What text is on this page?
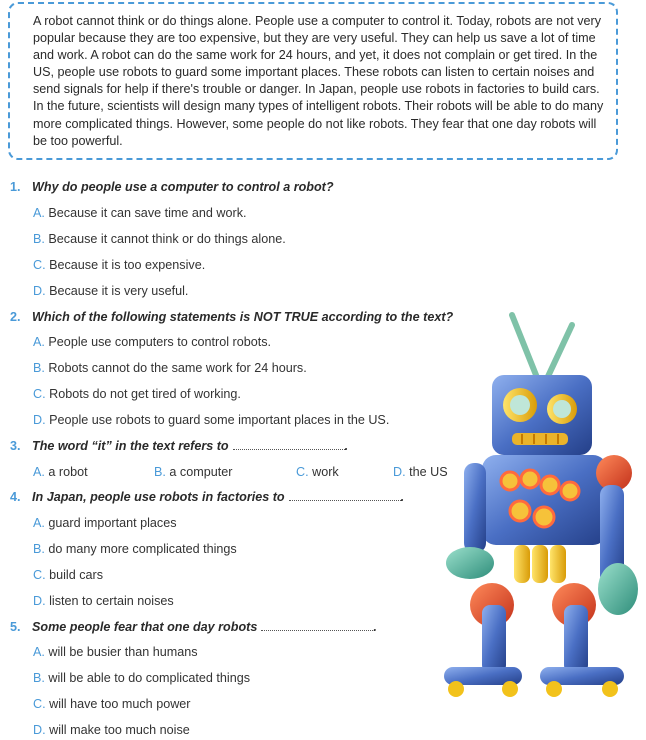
A robot cannot think or do things alone. People use a computer to control it. Today, robots are not very popular because they are too expensive, but they are very useful. They can help us save a lot of time and work. A robot can do the same work for 24 hours, and yet, it does not complain or get tired. In the US, people use robots to guard some important places. These robots can listen to certain noises and send signals for help if there's trouble or danger. In Japan, people use robots in factories to build cars. In the future, scientists will design many types of intelligent robots. Their robots will be able to do many more complicated things. However, some people do not like robots. They fear that one day robots will be too powerful.

1. Why do people use a computer to control a robot?
A. Because it can save time and work.
B. Because it cannot think or do things alone.
C. Because it is too expensive.
D. Because it is very useful.
2. Which of the following statements is NOT TRUE according to the text?
A. People use computers to control robots.
B. Robots cannot do the same work for 24 hours.
C. Robots do not get tired of working.
D. People use robots to guard some important places in the US.
3. The word “it” in the text refers to	.
A. a robot	B. a computer	C. work	D. the US
4. In Japan, people use robots in factories to	.
A. guard important places
B. do many more complicated things
C. build cars
D. listen to certain noises
5. Some people fear that one day robots	.
A. will be busier than humans
B. will be able to do complicated things
C. will have too much power
D. will make too much noise
